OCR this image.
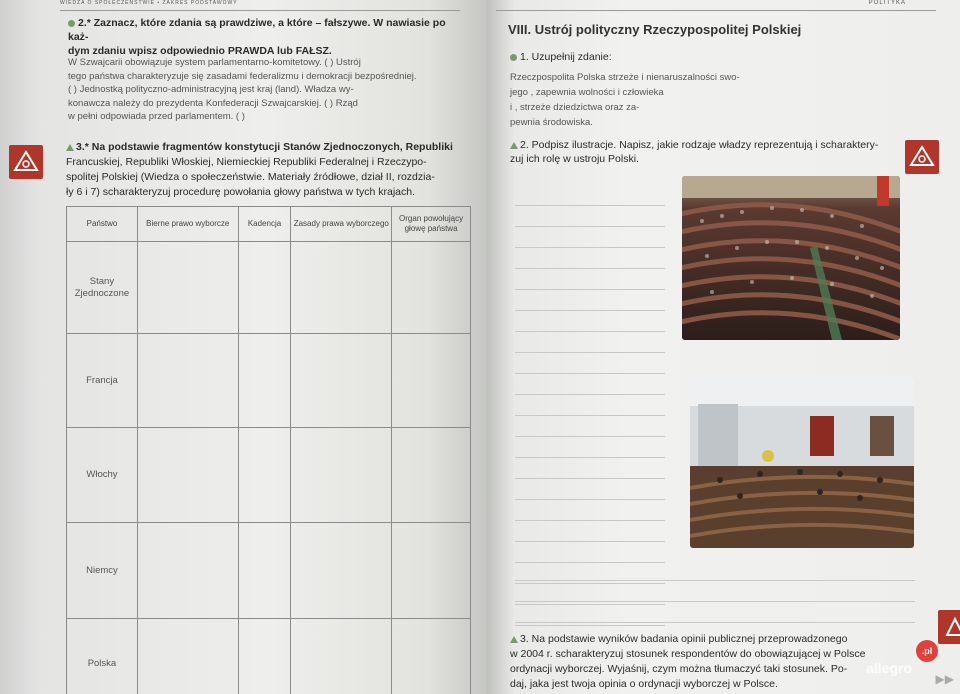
WIEDZA O SPOŁECZEŃSTWIE • ZAKRES PODSTAWOWY
2.* Zaznacz, które zdania są prawdziwe, a które – fałszywe. W nawiasie po każ-
dym zdaniu wpisz odpowiednio PRAWDA lub FAŁSZ.
W Szwajcarii obowiązuje system parlamentarno-komitetowy. ( ) Ustrój
tego państwa charakteryzuje się zasadami federalizmu i demokracji bezpośredniej.
( ) Jednostką polityczno-administracyjną jest kraj (land). Władza wy-
konawcza należy do prezydenta Konfederacji Szwajcarskiej. ( ) Rząd
w pełni odpowiada przed parlamentem. ( )
3.* Na podstawie fragmentów konstytucji Stanów Zjednoczonych, Republiki
Francuskiej, Republiki Włoskiej, Niemieckiej Republiki Federalnej i Rzeczypo-
spolitej Polskiej (Wiedza o społeczeństwie. Materiały źródłowe, dział II, rozdzia-
ły 6 i 7) scharakteryzuj procedurę powołania głowy państwa w tych krajach.
Państwo	Bierne prawo wyborcze	Kadencja	Zasady prawa wyborczego	Organ powołujący głowę państwa
Stany Zjednoczone				
Francja				
Włochy				
Niemcy				
Polska				
POLITYKA
VIII. Ustrój polityczny Rzeczypospolitej Polskiej
1. Uzupełnij zdanie:
Rzeczpospolita Polska strzeże i nienaruszalności swo-
jego , zapewnia wolności i człowieka
i , strzeże dziedzictwa oraz za-
pewnia środowiska.
2. Podpisz ilustracje. Napisz, jakie rodzaje władzy reprezentują i scharaktery-
zuj ich rolę w ustroju Polski.
3. Na podstawie wyników badania opinii publicznej przeprowadzonego
w 2004 r. scharakteryzuj stosunek respondentów do obowiązującej w Polsce
ordynacji wyborczej. Wyjaśnij, czym można tłumaczyć taki stosunek. Po-
daj, jaka jest twoja opinia o ordynacji wyborczej w Polsce.
allegro
.pl
▶▶
